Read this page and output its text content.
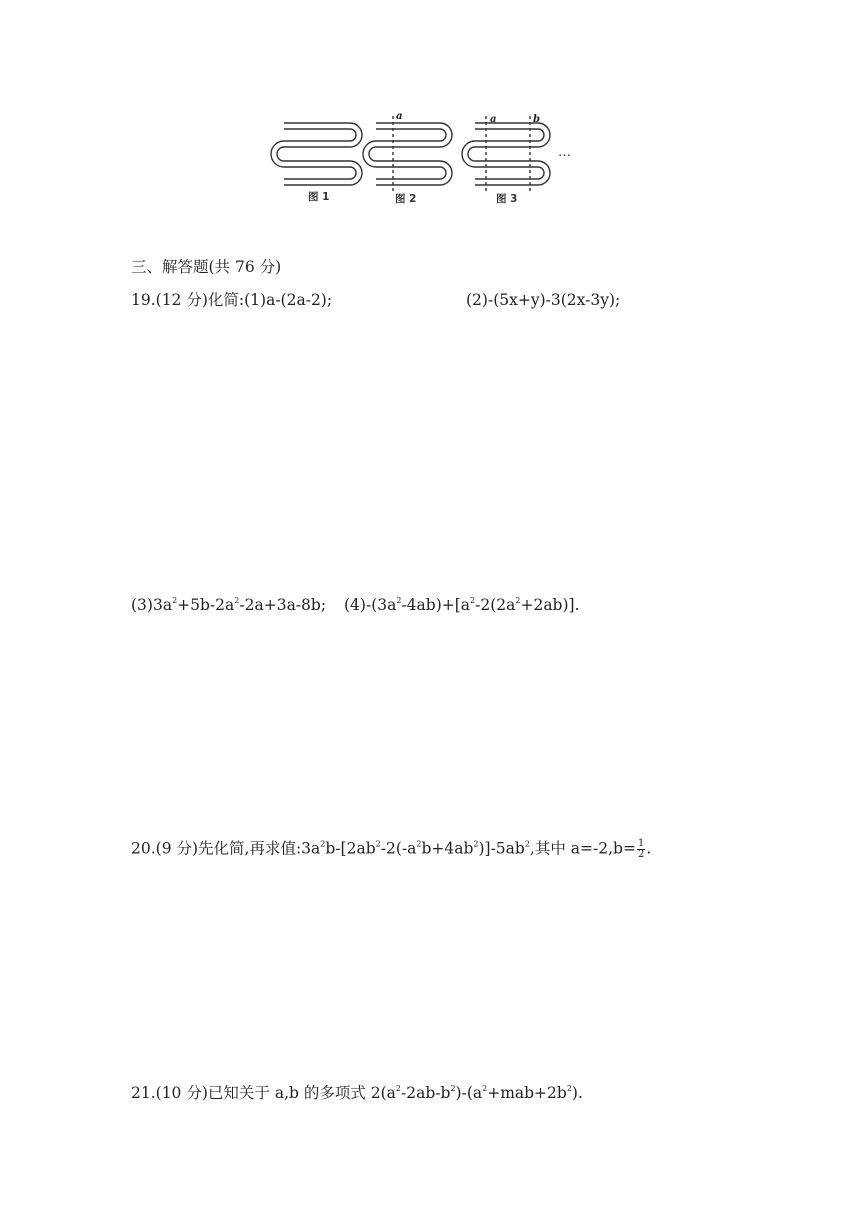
a	a	b
…
图 1	图 2	图 3
三、解答题(共 76 分)
19.(12 分)化简:(1)a-(2a-2);	(2)-(5x+y)-3(2x-3y);
$(3)3a^2+5b-2a^2-2a+3a-8b$; $(4)-(3a^2-4ab)+[a^2-2(2a^2+2ab)]$.
20.(9 分)先化简,再求值$:3a^2b-[2ab^2-2(-a^2b+4ab^2)]-5ab^2$,其中 $a=-2,b= \frac{1}{2}$ .
21.(10 分)已知关于 a,b 的多项式 $2(a^2-2ab-b^2)-(a^2+mab+2b^2)$.
